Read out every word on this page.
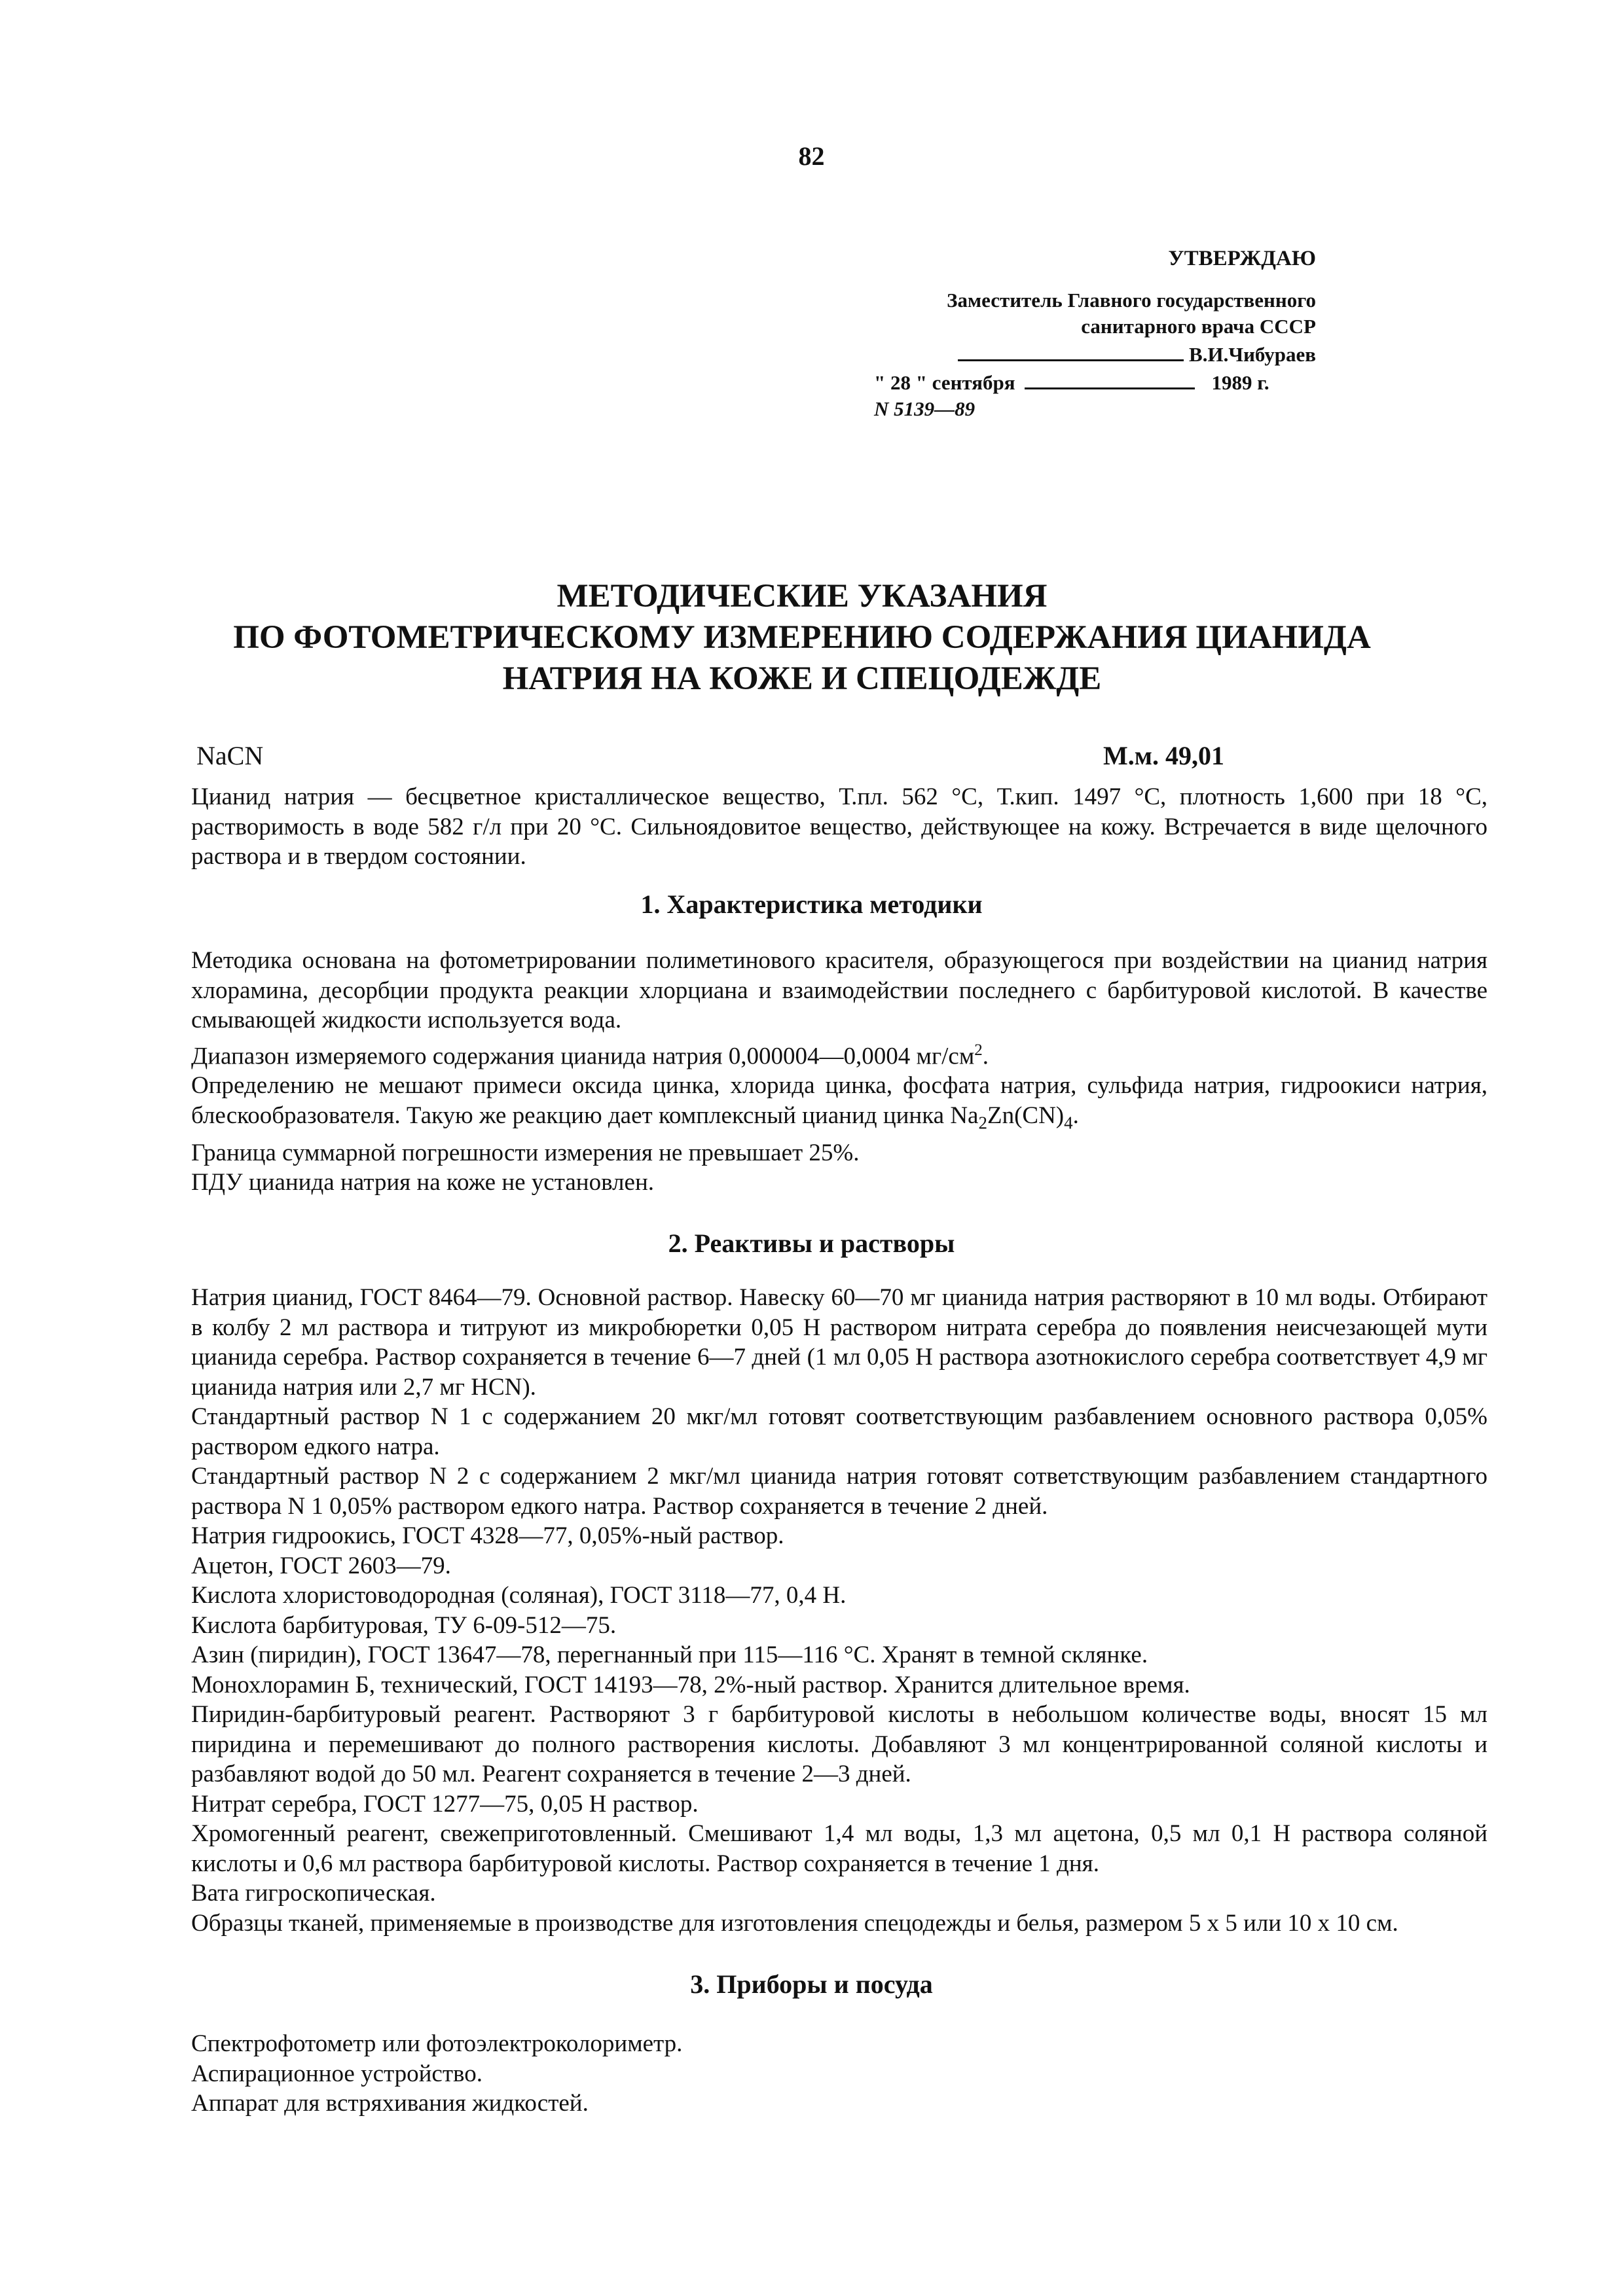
82
УТВЕРЖДАЮ
Заместитель Главного государственного
санитарного врача СССР
В.И.Чибураев
" 28 " сентября	1989 г.
N 5139—89
МЕТОДИЧЕСКИЕ УКАЗАНИЯ
ПО ФОТОМЕТРИЧЕСКОМУ ИЗМЕРЕНИЮ СОДЕРЖАНИЯ ЦИАНИДА
НАТРИЯ НА КОЖЕ И СПЕЦОДЕЖДЕ
NaCN	М.м. 49,01

Цианид натрия — бесцветное кристаллическое вещество, Т.пл. 562 °С, Т.кип. 1497 °С, плотность 1,600 при 18 °С, растворимость в воде 582 г/л при 20 °С. Сильноядовитое вещество, действующее на кожу. Встречается в виде щелочного раствора и в твердом состоянии.

1. Характеристика методики

Методика основана на фотометрировании полиметинового красителя, образующегося при воздействии на цианид натрия хлорамина, десорбции продукта реакции хлорциана и взаимодействии последнего с барбитуровой кислотой. В качестве смывающей жидкости используется вода.

Диапазон измеряемого содержания цианида натрия 0,000004—0,0004 $мг/см^2$.

Определению не мешают примеси оксида цинка, хлорида цинка, фосфата натрия, сульфида натрия, гидроокиси натрия, блескообразователя. Такую же реакцию дает комплексный цианид цинка $Na_2Zn(CN)_4$.

Граница суммарной погрешности измерения не превышает 25%.

ПДУ цианида натрия на коже не установлен.

2. Реактивы и растворы

Натрия цианид, ГОСТ 8464—79. Основной раствор. Навеску 60—70 мг цианида натрия растворяют в 10 мл воды. Отбирают в колбу 2 мл раствора и титруют из микробюретки 0,05 Н раствором нитрата серебра до появления неисчезающей мути цианида серебра. Раствор сохраняется в течение 6—7 дней (1 мл 0,05 Н раствора азотнокислого серебра соответствует 4,9 мг цианида натрия или 2,7 мг HCN).

Стандартный раствор N 1 с содержанием 20 мкг/мл готовят соответствующим разбавлением основного раствора 0,05% раствором едкого натра.

Стандартный раствор N 2 с содержанием 2 мкг/мл цианида натрия готовят сответствующим разбавлением стандартного раствора N 1 0,05% раствором едкого натра. Раствор сохраняется в течение 2 дней.

Натрия гидроокись, ГОСТ 4328—77, 0,05%-ный раствор.

Ацетон, ГОСТ 2603—79.

Кислота хлористоводородная (соляная), ГОСТ 3118—77, 0,4 Н.

Кислота барбитуровая, ТУ 6-09-512—75.

Азин (пиридин), ГОСТ 13647—78, перегнанный при 115—116 °С. Хранят в темной склянке.

Монохлорамин Б, технический, ГОСТ 14193—78, 2%-ный раствор. Хранится длительное время.

Пиридин-барбитуровый реагент. Растворяют 3 г барбитуровой кислоты в небольшом количестве воды, вносят 15 мл пиридина и перемешивают до полного растворения кислоты. Добавляют 3 мл концентрированной соляной кислоты и разбавляют водой до 50 мл. Реагент сохраняется в течение 2—3 дней.

Нитрат серебра, ГОСТ 1277—75, 0,05 Н раствор.

Хромогенный реагент, свежеприготовленный. Смешивают 1,4 мл воды, 1,3 мл ацетона, 0,5 мл 0,1 Н раствора соляной кислоты и 0,6 мл раствора барбитуровой кислоты. Раствор сохраняется в течение 1 дня.

Вата гигроскопическая.

Образцы тканей, применяемые в производстве для изготовления спецодежды и белья, размером 5 х 5 или 10 х 10 см.

3. Приборы и посуда

Спектрофотометр или фотоэлектроколориметр.

Аспирационное устройство.

Аппарат для встряхивания жидкостей.
